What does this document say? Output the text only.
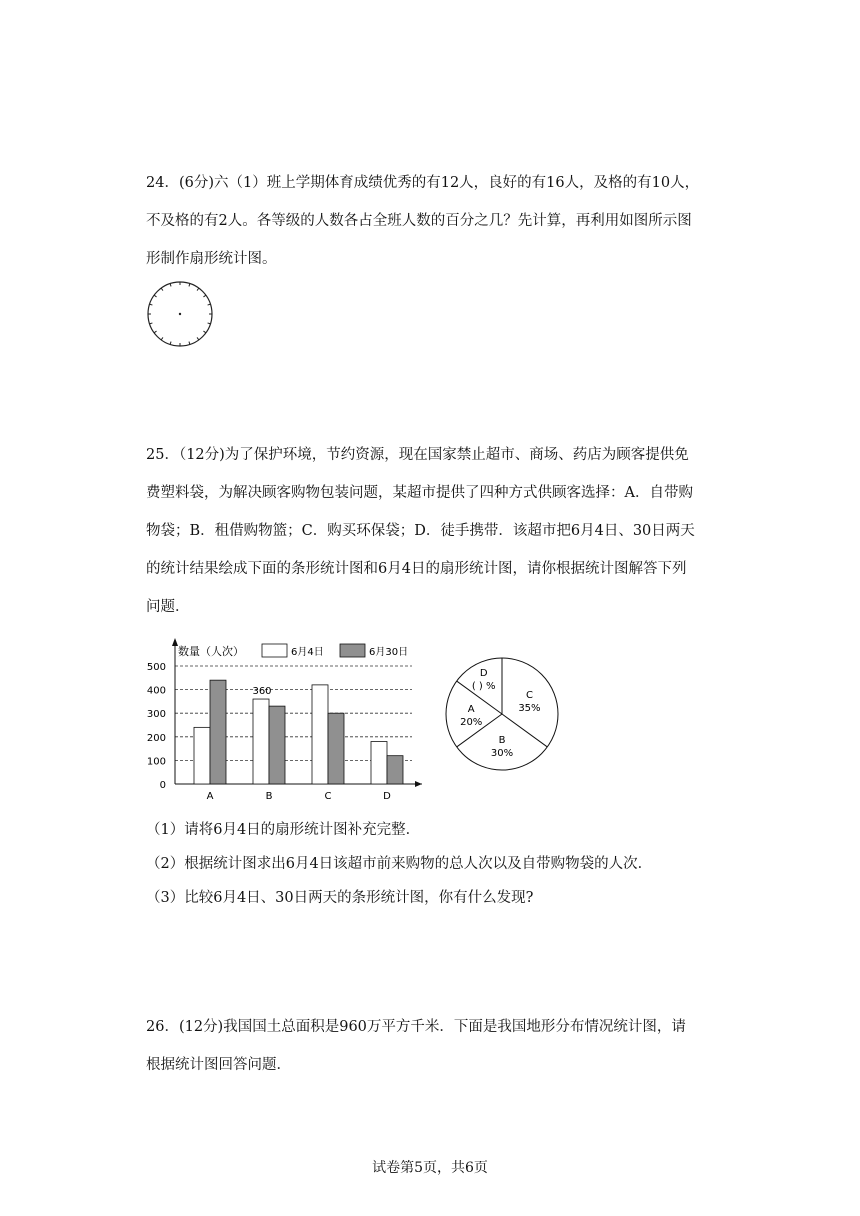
24．(6分)六（1）班上学期体育成绩优秀的有12人，良好的有16人，及格的有10人，
不及格的有2人。各等级的人数各占全班人数的百分之几？先计算，再利用如图所示图
形制作扇形统计图。
25．（12分)为了保护环境，节约资源，现在国家禁止超市、商场、药店为顾客提供免
费塑料袋，为解决顾客购物包装问题，某超市提供了四种方式供顾客选择：A．自带购
物袋；B．租借购物篮；C．购买环保袋；D．徒手携带．该超市把6月4日、30日两天
的统计结果绘成下面的条形统计图和6月4日的扇形统计图，请你根据统计图解答下列
问题．
0
100
200
300
400
500
数量（人次）	6月4日	6月30日
A	B	C	D
360	C
35%
B
30%
A
20%
D
( ) %
（1）请将6月4日的扇形统计图补充完整．
（2）根据统计图求出6月4日该超市前来购物的总人次以及自带购物袋的人次．
（3）比较6月4日、30日两天的条形统计图，你有什么发现?
26．(12分)我国国土总面积是960万平方千米．下面是我国地形分布情况统计图，请
根据统计图回答问题．
试卷第5页，共6页
